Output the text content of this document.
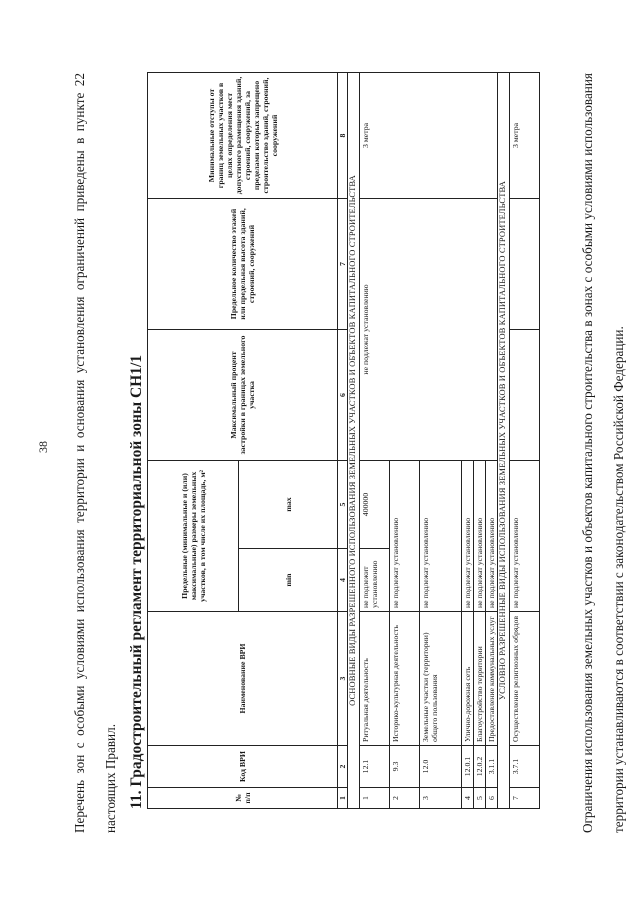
38	Перечень зон с особыми условиями использования территории и основания установления ограничений приведены в пункте 22 настоящих Правил. 11. Градостроительный регламент территориальной зоны СН1/1	№ п/п	Код ВРИ	Наименование ВРИ	Предельные (минимальные и (или) максимальные) размеры земельных участков, в том числе их площадь, м²		Максимальный процент застройки в границах земельного участка	Предельное количество этажей или предельная высота зданий, строений, сооружений	Минимальные отступы от границ земельных участков в целях определения мест допустимого размещения зданий, строений, сооружений, за пределами которых запрещено строительство зданий, строений, сооружений
			min	max			
1	2	3	4	5	6	7	8
ОСНОВНЫЕ ВИДЫ РАЗРЕШЕННОГО ИСПОЛЬЗОВАНИЯ ЗЕМЕЛЬНЫХ УЧАСТКОВ И ОБЪЕКТОВ КАПИТАЛЬНОГО СТРОИТЕЛЬСТВА							
1	12.1	Ритуальная деятельность	не подлежит установлению	400000	не подлежат установлению		3 метра
2	9.3	Историко-культурная деятельность	не подлежат установлению				
3	12.0	Земельные участки (территории) общего пользования	не подлежат установлению				
4	12.0.1	Улично-дорожная сеть	не подлежат установлению				
5	12.0.2	Благоустройство территории	не подлежат установлению				
6	3.1.1	Предоставление коммунальных услуг	не подлежат установлению				
УСЛОВНО РАЗРЕШЕННЫЕ ВИДЫ ИСПОЛЬЗОВАНИЯ ЗЕМЕЛЬНЫХ УЧАСТКОВ И ОБЪЕКТОВ КАПИТАЛЬНОГО СТРОИТЕЛЬСТВА							
7	3.7.1	Осуществление религиозных обрядов	не подлежат установлению				3 метра	Ограничения использования земельных участков и объектов капитального строительства в зонах с особыми условиями использования территории устанавливаются в соответствии с законодательством Российской Федерации.
